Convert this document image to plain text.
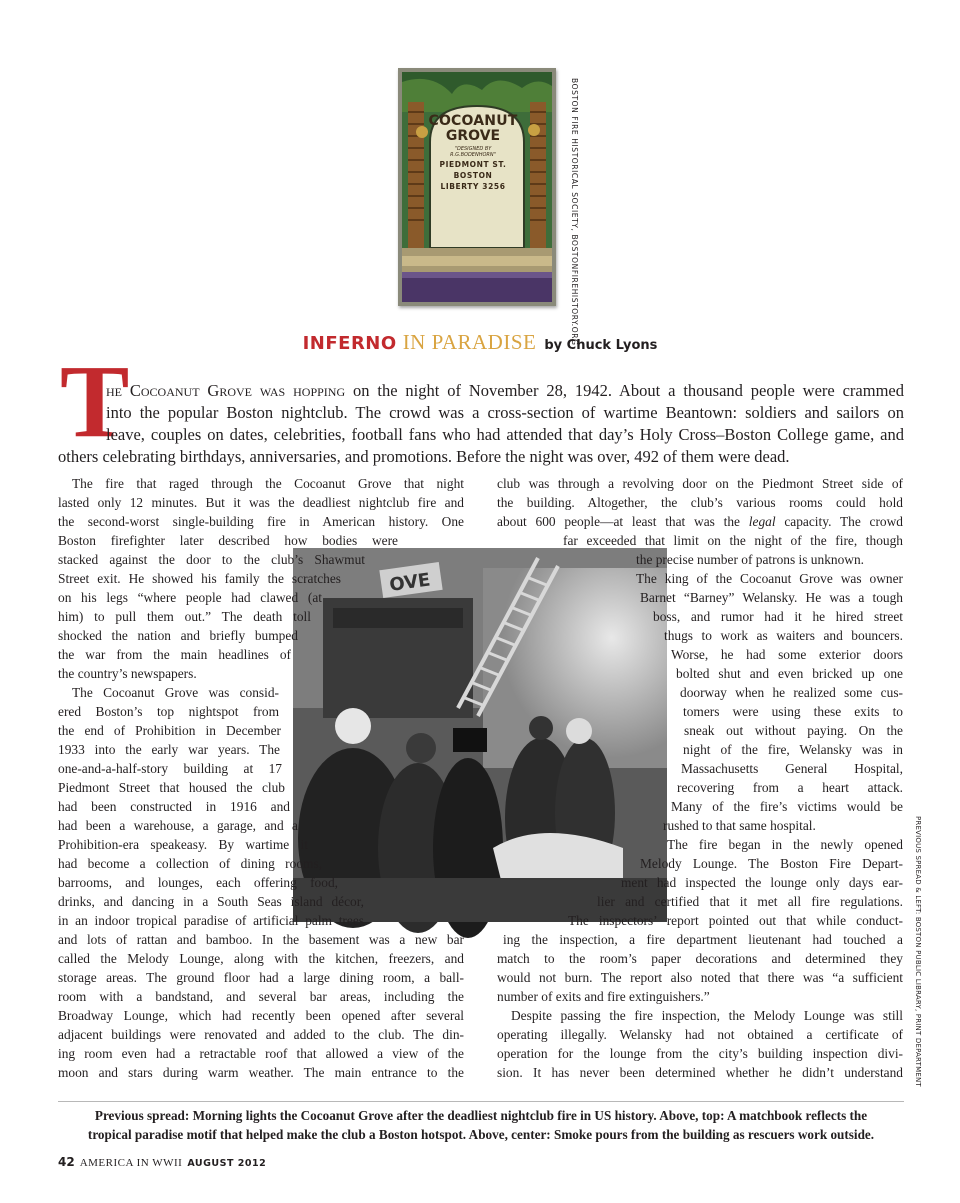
COCOANUT
GROVE
"DESIGNED BY
R.G.BODENHORN"
PIEDMONT ST.
BOSTON
LIBERTY 3256	BOSTON FIRE HISTORICAL SOCIETY, BOSTONFIREHISTORY.ORG
INFERNO IN PARADISE by Chuck Lyons
T
he Cocoanut Grove was hopping on the night of November 28, 1942. About a thousand people were crammed
into the popular Boston nightclub. The crowd was a cross-section of wartime Beantown: soldiers and sailors on
leave, couples on dates, celebrities, football fans who had attended that day’s Holy Cross–Boston College game, and
others celebrating birthdays, anniversaries, and promotions. Before the night was over, 492 of them were dead.
OVE
The fire that raged through the Cocoanut Grove that night
lasted only 12 minutes. But it was the deadliest nightclub fire and
the second-worst single-building fire in American history. One
Boston firefighter later described how bodies were
stacked against the door to the club’s Shawmut
Street exit. He showed his family the scratches
on his legs “where people had clawed (at
him) to pull them out.” The death toll
shocked the nation and briefly bumped
the war from the main headlines of
the country’s newspapers.
The Cocoanut Grove was consid-
ered Boston’s top nightspot from
the end of Prohibition in December
1933 into the early war years. The
one-and-a-half-story building at 17
Piedmont Street that housed the club
had been constructed in 1916 and
had been a warehouse, a garage, and a
Prohibition-era speakeasy. By wartime it
had become a collection of dining rooms,
barrooms, and lounges, each offering food,
drinks, and dancing in a South Seas island décor,
in an indoor tropical paradise of artificial palm trees
and lots of rattan and bamboo. In the basement was a new bar
called the Melody Lounge, along with the kitchen, freezers, and
storage areas. The ground floor had a large dining room, a ball-
room with a bandstand, and several bar areas, including the
Broadway Lounge, which had recently been opened after several
adjacent buildings were renovated and added to the club. The din-
ing room even had a retractable roof that allowed a view of the
moon and stars during warm weather. The main entrance to the
club was through a revolving door on the Piedmont Street side of
the building. Altogether, the club’s various rooms could hold
about 600 people—at least that was the legal capacity. The crowd
far exceeded that limit on the night of the fire, though
the precise number of patrons is unknown.
The king of the Cocoanut Grove was owner
Barnet “Barney” Welansky. He was a tough
boss, and rumor had it he hired street
thugs to work as waiters and bouncers.
Worse, he had some exterior doors
bolted shut and even bricked up one
doorway when he realized some cus-
tomers were using these exits to
sneak out without paying. On the
night of the fire, Welansky was in
Massachusetts General Hospital,
recovering from a heart attack.
Many of the fire’s victims would be
rushed to that same hospital.
The fire began in the newly opened
Melody Lounge. The Boston Fire Depart-
ment had inspected the lounge only days ear-
lier and certified that it met all fire regulations.
The inspectors’ report pointed out that while conduct-
ing the inspection, a fire department lieutenant had touched a
match to the room’s paper decorations and determined they
would not burn. The report also noted that there was “a sufficient
number of exits and fire extinguishers.”
Despite passing the fire inspection, the Melody Lounge was still
operating illegally. Welansky had not obtained a certificate of
operation for the lounge from the city’s building inspection divi-
sion. It has never been determined whether he didn’t understand	PREVIOUS SPREAD & LEFT: BOSTON PUBLIC LIBRARY, PRINT DEPARTMENT
Previous spread: Morning lights the Cocoanut Grove after the deadliest nightclub fire in US history. Above, top: A matchbook reflects the
tropical paradise motif that helped make the club a Boston hotspot. Above, center: Smoke pours from the building as rescuers work outside.
42 AMERICA IN WWII AUGUST 2012
